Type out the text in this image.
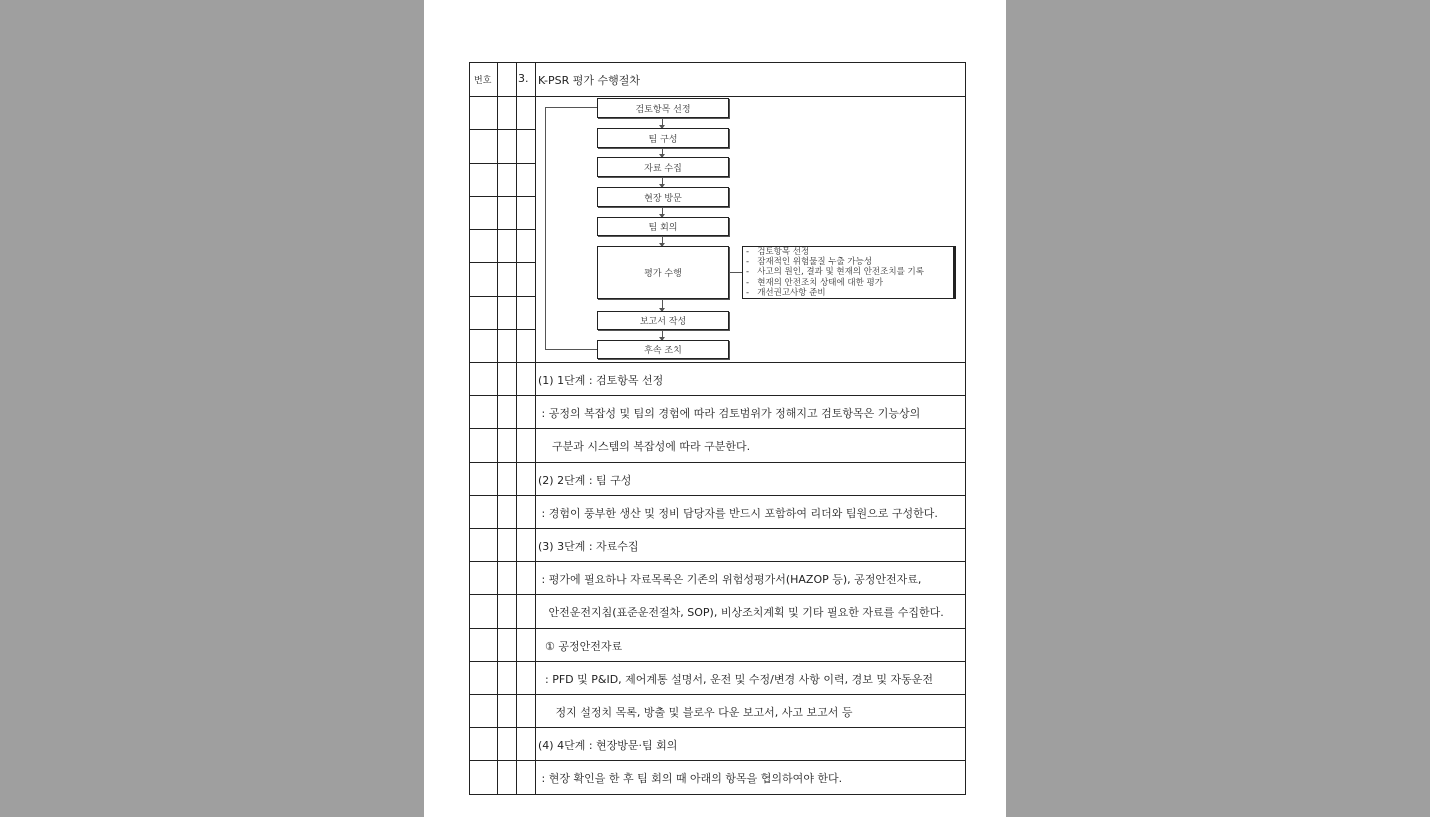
번호 3. K-PSR 평가 수행절차
검토항목 선정
팀 구성
자료 수집
현장 방문
팀 회의
평가 수행
보고서 작성
후속 조치
-   검토항목 선정
-   잠재적인 위험물질 누출 가능성
-   사고의 원인, 결과 및 현재의 안전조치를 기록
-   현재의 안전조치 상태에 대한 평가
-   개선권고사항 준비
(1) 1단계 : 검토항목 선정
: 공정의 복잡성 및 팀의 경험에 따라 검토범위가 정해지고 검토항목은 기능상의
구분과 시스템의 복잡성에 따라 구분한다.
(2) 2단계 : 팀 구성
: 경험이 풍부한 생산 및 정비 담당자를 반드시 포함하여 리더와 팀원으로 구성한다.
(3) 3단계 : 자료수집
: 평가에 필요하나 자료목록은 기존의 위험성평가서(HAZOP 등), 공정안전자료,
안전운전지침(표준운전절차, SOP), 비상조치계획 및 기타 필요한 자료를 수집한다.
① 공정안전자료
: PFD 및 P&ID, 제어계통 설명서, 운전 및 수정/변경 사항 이력, 경보 및 자동운전
정지 설정치 목록, 방출 및 블로우 다운 보고서, 사고 보고서 등
(4) 4단계 : 현장방문·팀 회의
: 현장 확인을 한 후 팀 회의 때 아래의 항목을 협의하여야 한다.
